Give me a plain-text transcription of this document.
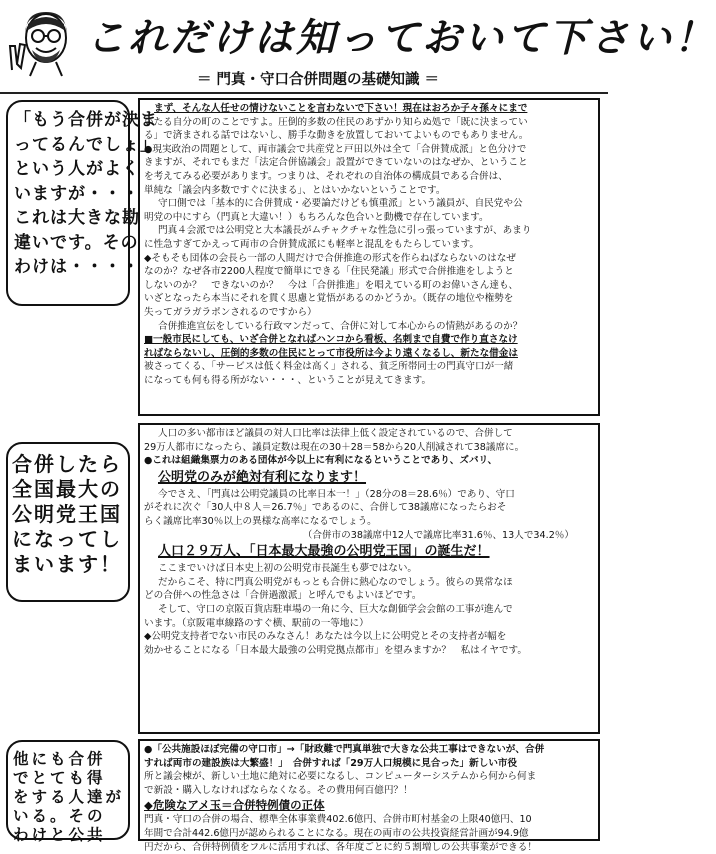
これだけは知っておいて下さい！
＝ 門真・守口合併問題の基礎知識 ＝
「もう合併が決ま
ってるんでしょ」
という人がよく
いますが・・・
これは大きな勘
違いです。その
わけは・・・・
合併したら
全国最大の
公明党王国
になってし
まいます！
他にも合併
でとても得
をする人達が
いる。その
わけと公共
まず、そんな人任せの情けないことを言わないで下さい！現在はおろか子々孫々にまで
いたる自分の町のことですよ。圧倒的多数の住民のあずかり知らぬ処で「既に決まってい
る」で済まされる話ではないし、勝手な動きを放置しておいてよいものでもありません。
●現実政治の問題として、両市議会で共産党と戸田以外は全て「合併賛成派」と色分けで
きますが、それでもまだ「法定合併協議会」設置ができていないのはなぜか、ということ
を考えてみる必要があります。つまりは、それぞれの自治体の構成員である合併は、
単純な「議会内多数ですぐに決まる」、とはいかないということです。
守口側では「基本的に合併賛成・必要論だけども慎重派」という議員が、自民党や公
明党の中にすら（門真と大違い！）もちろんな色合いと動機で存在しています。
門真４会派では公明党と大本議長がムチャクチャな性急に引っ張っていますが、あまり
に性急すぎてかえって両市の合併賛成派にも軽率と混乱をもたらしています。
◆そもそも団体の会長ら一部の人間だけで合併推進の形式を作らねばならないのはなぜ
なのか？なぜ各市2200人程度で簡単にできる「住民発議」形式で合併推進をしようと
しないのか？　できないのか？　今は「合併推進」を唱えている町のお偉いさん達も、
いざとなったら本当にそれを貫く思慮と覚悟があるのかどうか。（既存の地位や権勢を
失ってガラガラポンされるのですから）
合併推進宣伝をしている行政マンだって、合併に対して本心からの情熱があるのか？
■一般市民にしても、いざ合併となればハンコから看板、名刺まで自費で作り直さなけ
ればならないし、圧倒的多数の住民にとって市役所は今より遠くなるし、新たな借金は
被さってくる、「サービスは低く料金は高く」される、貧乏所帯同士の門真守口が一緒
になっても何も得る所がない・・・、ということが見えてきます。
人口の多い都市ほど議員の対人口比率は法律上低く設定されているので、合併して
29万人都市になったら、議員定数は現在の30＋28＝58から20人削減されて38議席に。
●これは組織集票力のある団体が今以上に有利になるということであり、ズバリ、
公明党のみが絶対有利になります！
今でさえ、「門真は公明党議員の比率日本一！」（28分の8＝28.6％）であり、守口
がそれに次ぐ「30人中８人＝26.7％」であるのに、合併して38議席になったらおそ
らく議席比率30％以上の異様な高率になるでしょう。
（合併市の38議席中12人で議席比率31.6％、13人で34.2％）
人口２９万人、「日本最大最強の公明党王国」の誕生だ！
ここまでいけば日本史上初の公明党市長誕生も夢ではない。
だからこそ、特に門真公明党がもっとも合併に熱心なのでしょう。彼らの異常なほ
どの合併への性急さは「合併過激派」と呼んでもよいほどです。
そして、守口の京阪百貨店駐車場の一角に今、巨大な創価学会会館の工事が進んで
います。（京阪電車線路のすぐ横、駅前の一等地に）
◆公明党支持者でない市民のみなさん！あなたは今以上に公明党とその支持者が幅を
効かせることになる「日本最大最強の公明党拠点都市」を望みますか？　私はイヤです。
●「公共施設ほぼ完備の守口市」→「財政難で門真単独で大きな公共工事はできないが、合併
すれば両市の建設族は大繁盛！」　合併すれば「29万人口規模に見合った」新しい市役
所と議会棟が、新しい土地に絶対に必要になるし、コンピューターシステムから何から何ま
で新設・購入しなければならなくなる。その費用何百億円？！
◆危険なアメ玉＝合併特例債の正体
門真・守口の合併の場合、標準全体事業費402.6億円、合併市町村基金の上限40億円、10
年間で合計442.6億円が認められることになる。現在の両市の公共投資経営計画が94.9億
円だから、合併特例債をフルに活用すれば、各年度ごとに約５割増しの公共事業ができる！
